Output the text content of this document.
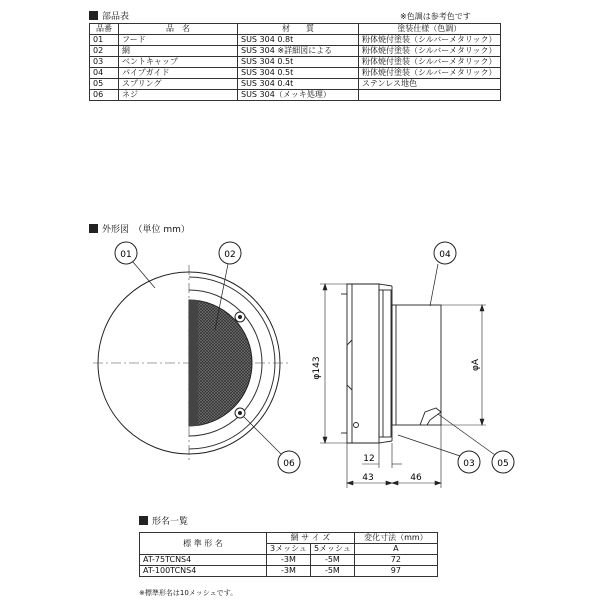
部品表	※色調は参考色です
品番	品　名	材　　質	塗装仕様（色調）
01	フード	SUS 304 0.8t	粉体焼付塗装（シルバーメタリック）
02	網	SUS 304 ※詳細図による	粉体焼付塗装（シルバーメタリック）
03	ベントキャップ	SUS 304 0.5t	粉体焼付塗装（シルバーメタリック）
04	パイプガイド	SUS 304 0.5t	粉体焼付塗装（シルバーメタリック）
05	スプリング	SUS 304 0.4t	ステンレス地色
06	ネジ	SUS 304（メッキ処理）	
外形図　（単位 mm）
01	02
06
φ143	φA
12
43	46
04
03	05
形名一覧
標 準 形 名	網 サ イ ズ		変化寸法（mm）
	3メッシュ	5メッシュ	A
AT-75TCNS4	-3M	-5M	72
AT-100TCNS4	-3M	-5M	97
※標準形名は10メッシュです。
